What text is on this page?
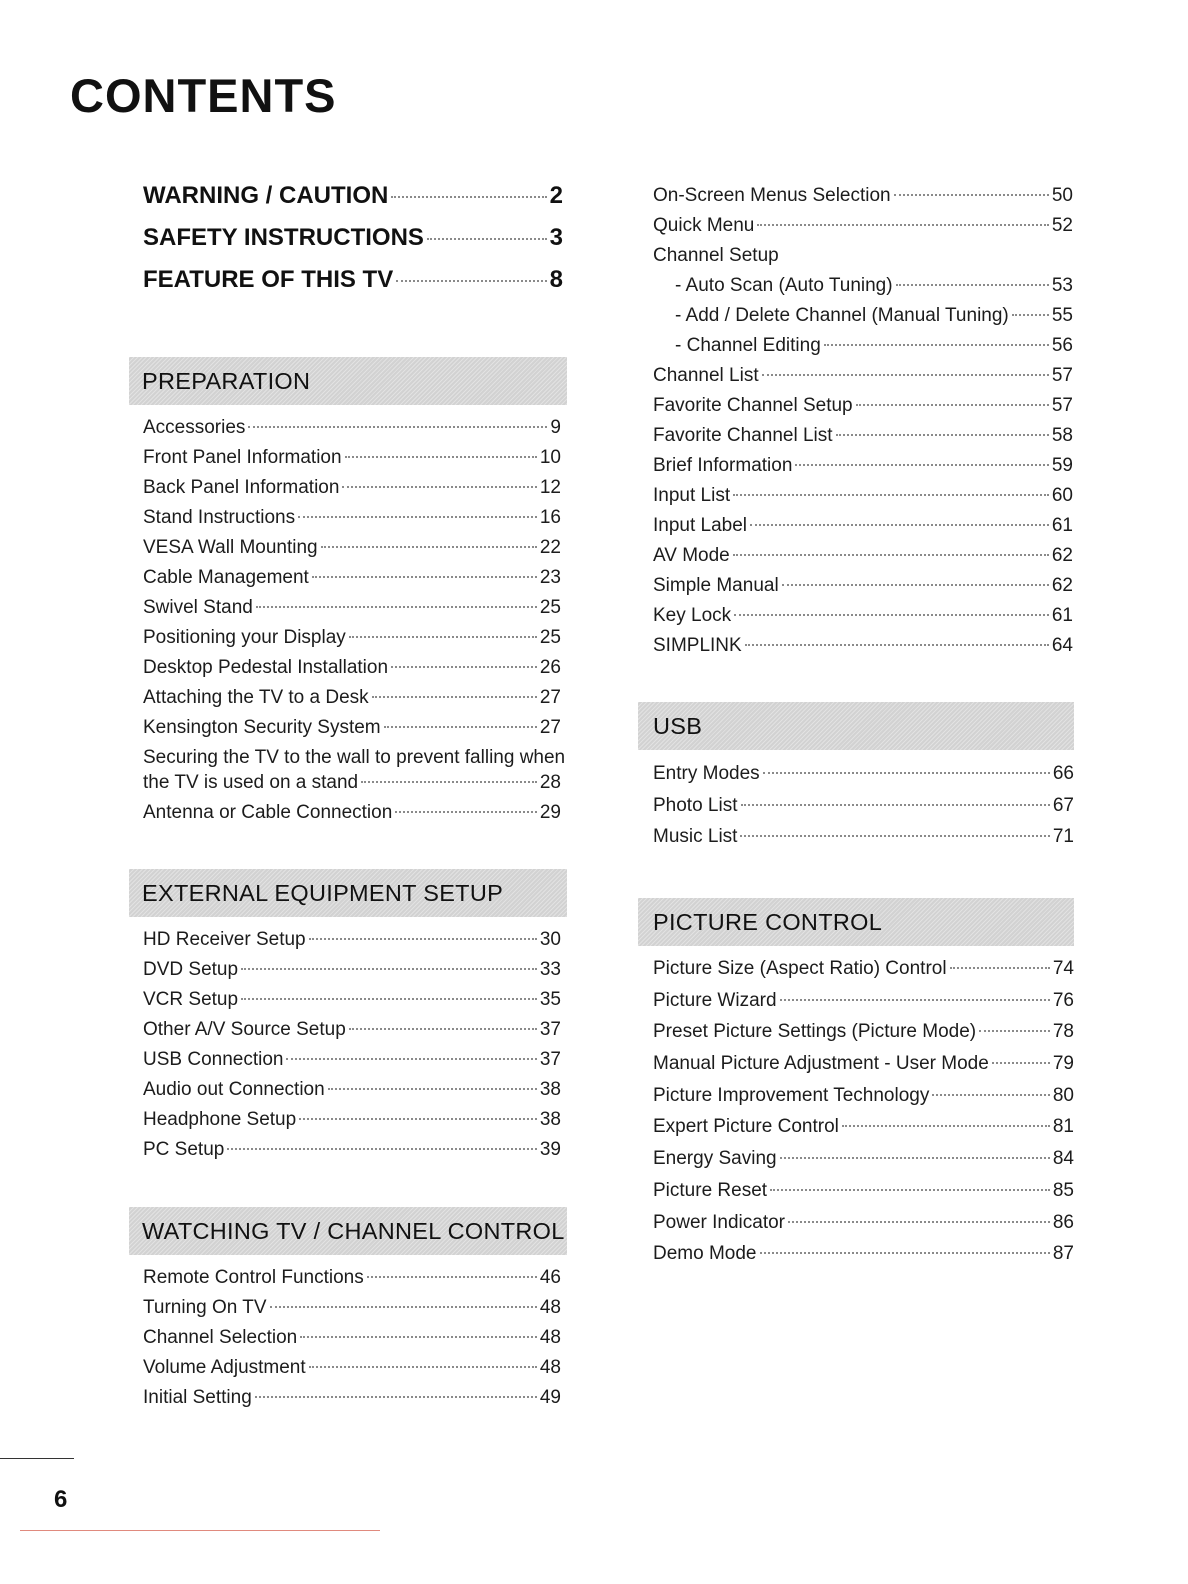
CONTENTS
WARNING / CAUTION	2
SAFETY INSTRUCTIONS	3
FEATURE OF THIS TV	8
PREPARATION
Accessories	9
Front Panel Information	10
Back Panel Information	12
Stand Instructions	16
VESA Wall Mounting	22
Cable Management	23
Swivel Stand	25
Positioning your Display	25
Desktop Pedestal Installation	26
Attaching the TV to a Desk	27
Kensington Security System	27
Securing the TV to the wall to prevent falling when
the TV is used on a stand	28
Antenna or Cable Connection	29
EXTERNAL EQUIPMENT SETUP
HD Receiver Setup	30
DVD Setup	33
VCR Setup	35
Other A/V Source Setup	37
USB Connection	37
Audio out Connection	38
Headphone Setup	38
PC Setup	39
WATCHING TV / CHANNEL CONTROL
Remote Control Functions	46
Turning On TV	48
Channel Selection	48
Volume Adjustment	48
Initial Setting	49
On-Screen Menus Selection	50
Quick Menu	52
Channel Setup
- Auto Scan (Auto Tuning)	53
- Add / Delete Channel (Manual Tuning) 55
- Channel Editing	56
Channel List	57
Favorite Channel Setup	57
Favorite Channel List	58
Brief Information	59
Input List	60
Input Label	61
AV Mode	62
Simple Manual	62
Key Lock	61
SIMPLINK	64
USB
Entry Modes	66
Photo List	67
Music List	71
PICTURE CONTROL
Picture Size (Aspect Ratio) Control	74
Picture Wizard	76
Preset Picture Settings (Picture Mode)	78
Manual Picture Adjustment - User Mode	79
Picture Improvement Technology	80
Expert Picture Control	81
Energy Saving	84
Picture Reset	85
Power Indicator	86
Demo Mode	87
6
